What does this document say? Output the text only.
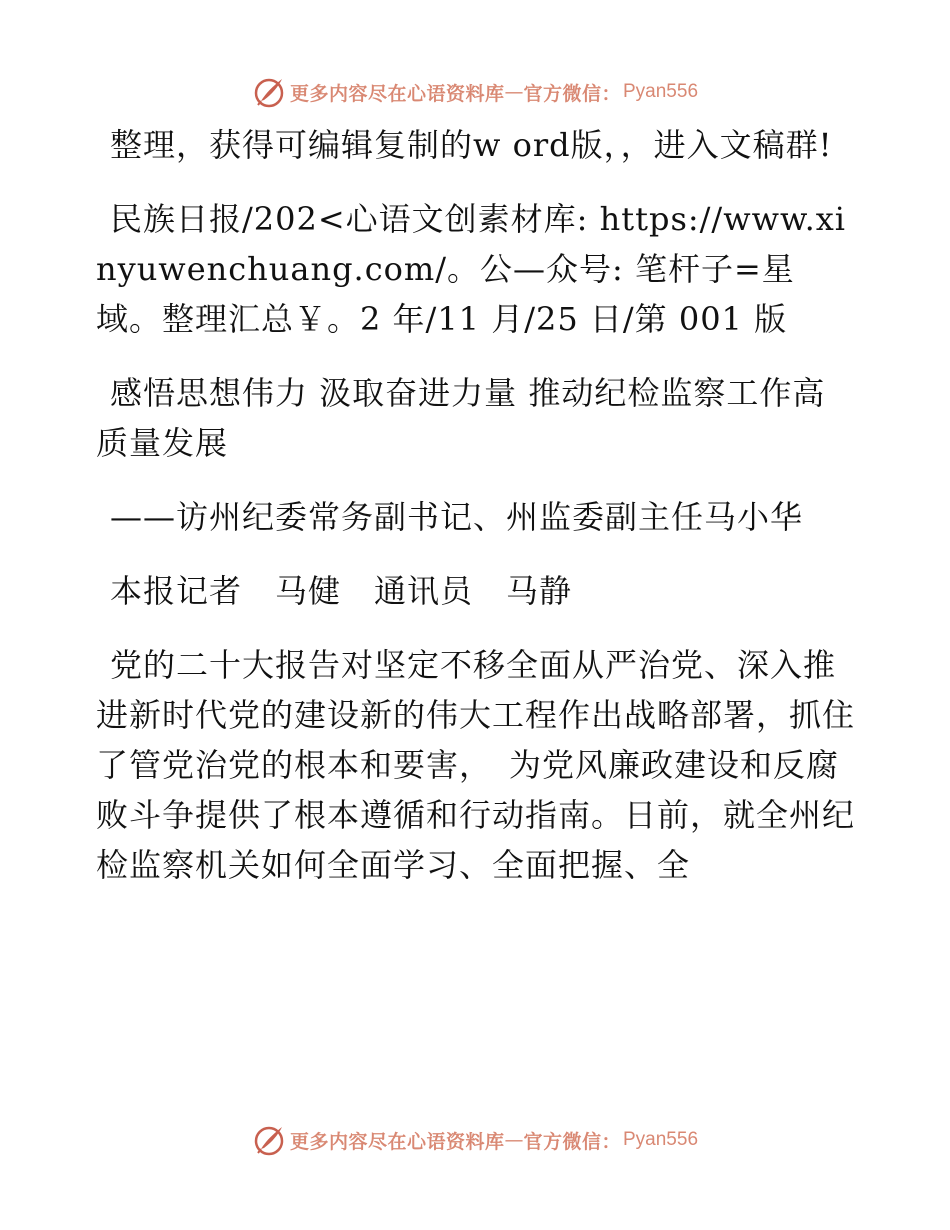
更多内容尽在心语资料库 — 官方微信： Pyan556

整理，获得可编辑复制的w ord版，，进入文稿群!

民族日报/202<心语文创素材库: https://www.xinyuwenchuang.com/。公—众号: 笔杆子=星域。整理汇总￥。2 年/11 月/25 日/第 001 版

感悟思想伟力 汲取奋进力量 推动纪检监察工作高质量发展

——访州纪委常务副书记、州监委副主任马小华

本报记者　马健　通讯员　马静

党的二十大报告对坚定不移全面从严治党、深入推进新时代党的建设新的伟大工程作出战略部署，抓住了管党治党的根本和要害，　为党风廉政建设和反腐败斗争提供了根本遵循和行动指南。日前，就全州纪检监察机关如何全面学习、全面把握、全

更多内容尽在心语资料库 — 官方微信： Pyan556
